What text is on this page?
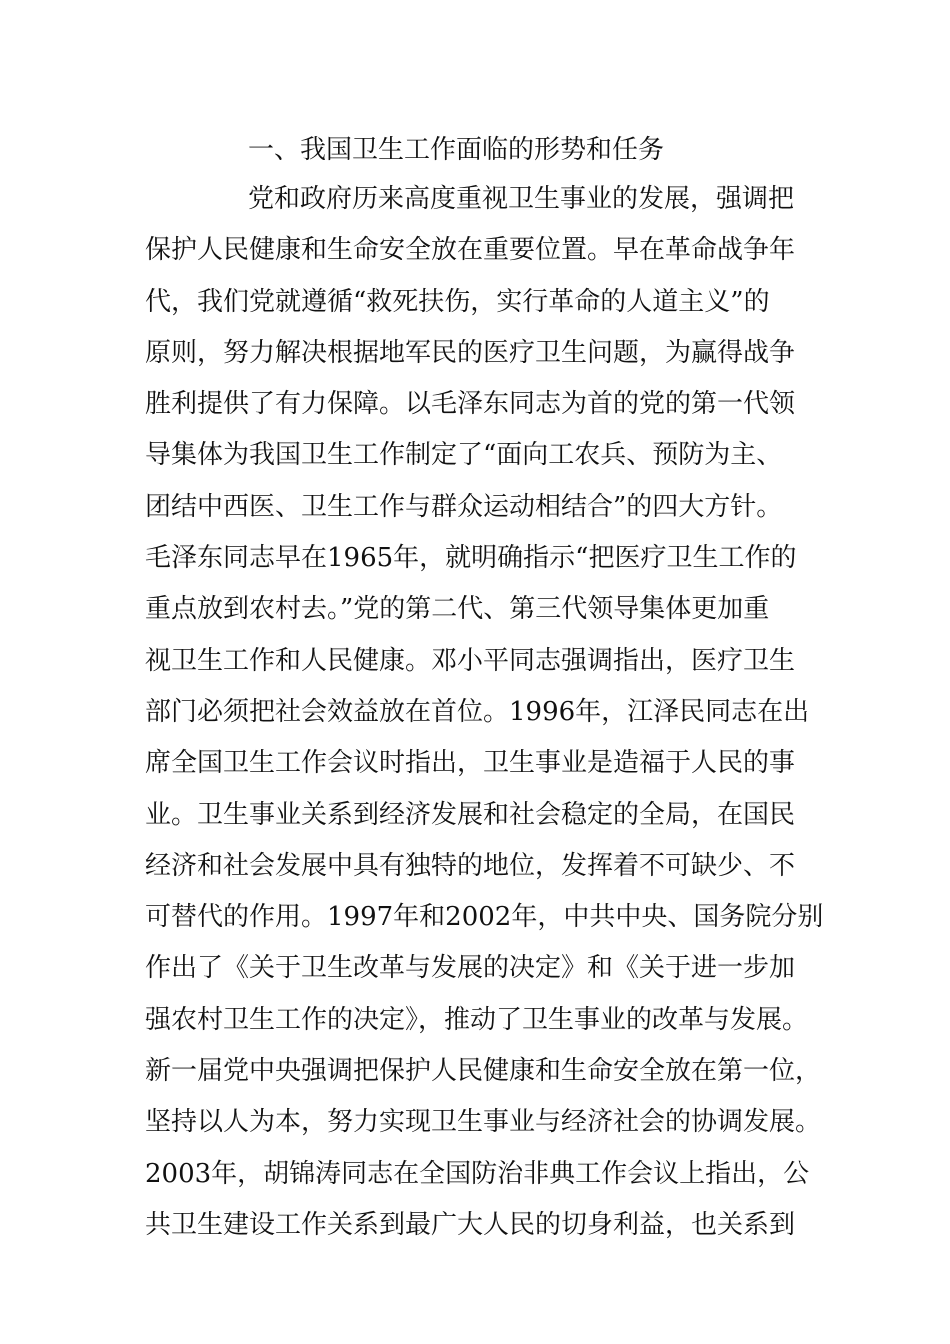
一、我国卫生工作面临的形势和任务
党和政府历来高度重视卫生事业的发展，强调把
保护人民健康和生命安全放在重要位置。早在革命战争年
代，我们党就遵循“救死扶伤，实行革命的人道主义”的
原则，努力解决根据地军民的医疗卫生问题，为赢得战争
胜利提供了有力保障。以毛泽东同志为首的党的第一代领
导集体为我国卫生工作制定了“面向工农兵、预防为主、
团结中西医、卫生工作与群众运动相结合”的四大方针。
毛泽东同志早在1965年，就明确指示“把医疗卫生工作的
重点放到农村去。”党的第二代、第三代领导集体更加重
视卫生工作和人民健康。邓小平同志强调指出，医疗卫生
部门必须把社会效益放在首位。1996年，江泽民同志在出
席全国卫生工作会议时指出，卫生事业是造福于人民的事
业。卫生事业关系到经济发展和社会稳定的全局，在国民
经济和社会发展中具有独特的地位，发挥着不可缺少、不
可替代的作用。1997年和2002年，中共中央、国务院分别
作出了《关于卫生改革与发展的决定》和《关于进一步加
强农村卫生工作的决定》，推动了卫生事业的改革与发展。
新一届党中央强调把保护人民健康和生命安全放在第一位，
坚持以人为本，努力实现卫生事业与经济社会的协调发展。
2003年，胡锦涛同志在全国防治非典工作会议上指出，公
共卫生建设工作关系到最广大人民的切身利益，也关系到
